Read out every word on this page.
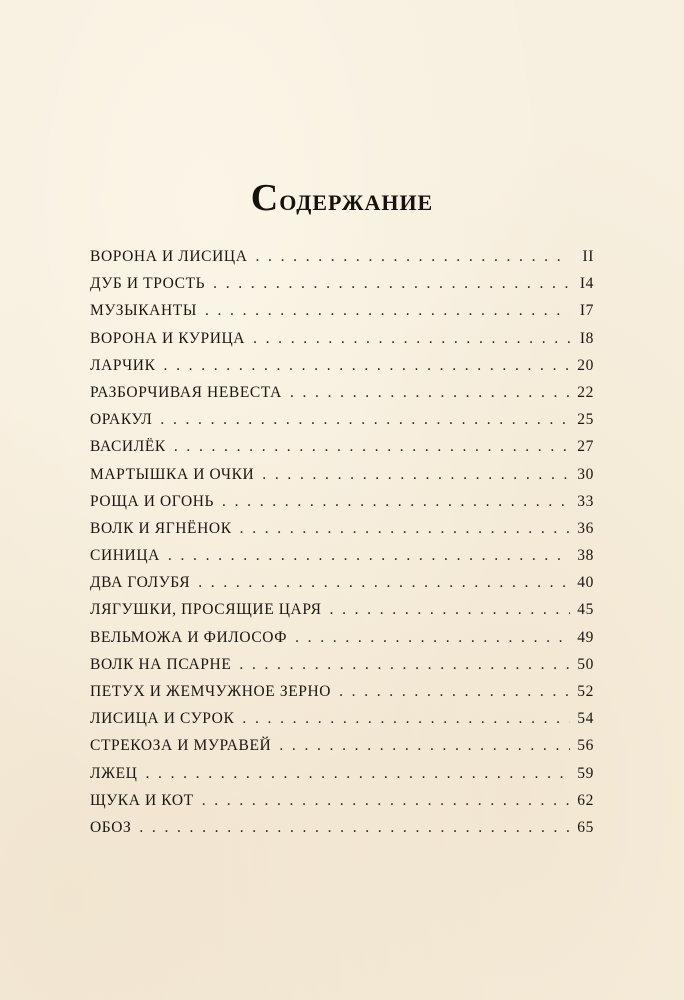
Содержание
ВОРОНА И ЛИСИЦА . . .	II
ДУБ И ТРОСТЬ . . .	I4
МУЗЫКАНТЫ . . .	I7
ВОРОНА И КУРИЦА . . .	I8
ЛАРЧИК . . .	20
РАЗБОРЧИВАЯ НЕВЕСТА . . .	22
ОРАКУЛ . . .	25
ВАСИЛЁК . . .	27
МАРТЫШКА И ОЧКИ . . .	30
РОЩА И ОГОНЬ . . .	33
ВОЛК И ЯГНЁНОК . . .	36
СИНИЦА . . .	38
ДВА ГОЛУБЯ . . .	40
ЛЯГУШКИ, ПРОСЯЩИЕ ЦАРЯ . . .	45
ВЕЛЬМОЖА И ФИЛОСОФ . . .	49
ВОЛК НА ПСАРНЕ . . .	50
ПЕТУХ И ЖЕМЧУЖНОЕ ЗЕРНО . . .	52
ЛИСИЦА И СУРОК . . .	54
СТРЕКОЗА И МУРАВЕЙ . . .	56
ЛЖЕЦ . . .	59
ЩУКА И КОТ . . .	62
ОБОЗ . . .	65
